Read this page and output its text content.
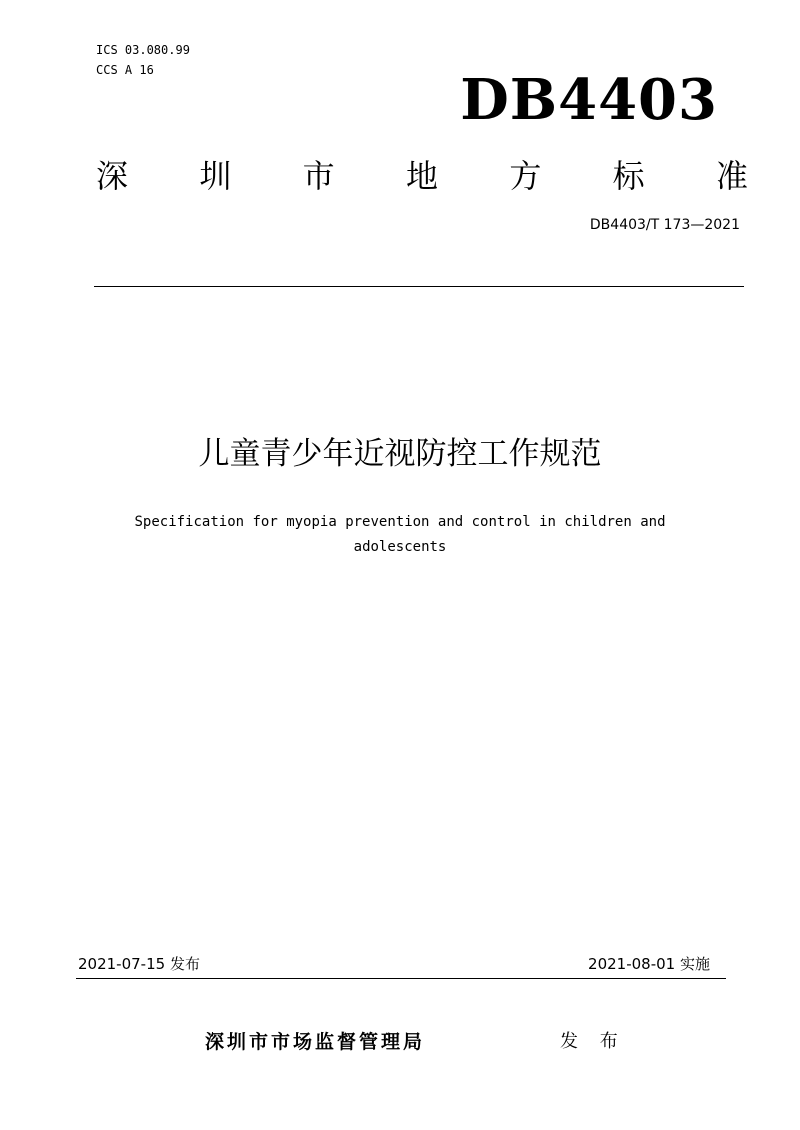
ICS 03.080.99
CCS A 16	DB4403
深 圳 市 地 方 标 准
DB4403/T 173—2021
儿童青少年近视防控工作规范
Specification for myopia prevention and control in children and adolescents
2021-07-15 发布	2021-08-01 实施
深圳市市场监督管理局	发 布
